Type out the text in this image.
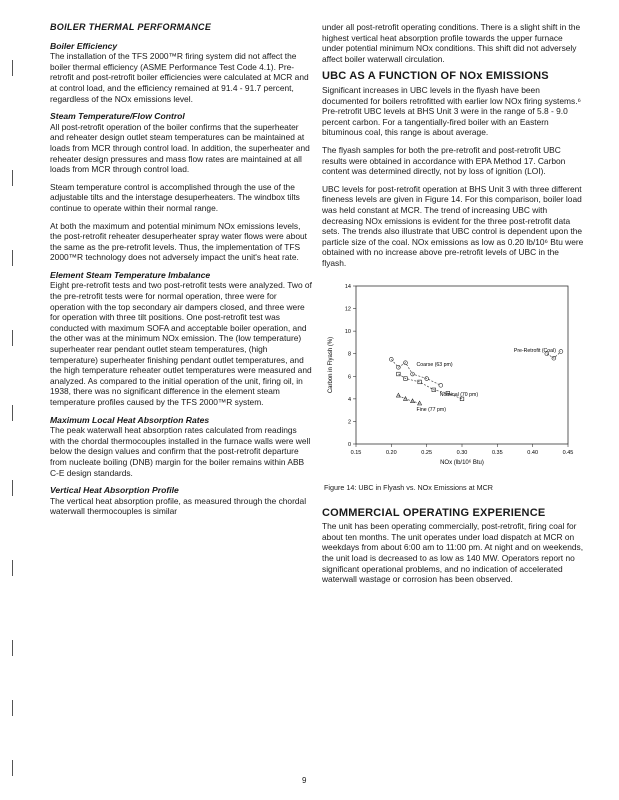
BOILER THERMAL PERFORMANCE
Boiler Efficiency

The installation of the TFS 2000™R firing system did not affect the boiler thermal efficiency (ASME Performance Test Code 4.1). Pre-retrofit and post-retrofit boiler efficiencies were calculated at MCR and at control load, and the efficiency remained at 91.4 - 91.7 percent, regardless of the NOx emissions level.

Steam Temperature/Flow Control

All post-retrofit operation of the boiler confirms that the superheater and reheater design outlet steam temperatures can be maintained at loads from MCR through control load. In addition, the superheater and reheater design pressures and mass flow rates are maintained at all loads from MCR through control load.

Steam temperature control is accomplished through the use of the adjustable tilts and the interstage desuperheaters. The windbox tilts continue to operate within their normal range.

At both the maximum and potential minimum NOx emissions levels, the post-retrofit reheater desuperheater spray water flows were about the same as the pre-retrofit levels. Thus, the implementation of TFS 2000™R technology does not adversely impact the unit's heat rate.

Element Steam Temperature Imbalance

Eight pre-retrofit tests and two post-retrofit tests were analyzed. Two of the pre-retrofit tests were for normal operation, three were for operation with the top secondary air dampers closed, and three were for operation with three tilt positions. One post-retrofit test was conducted with maximum SOFA and acceptable boiler operation, and the other was at the minimum NOx emission. The (low temperature) superheater rear pendant outlet steam temperatures, (high temperature) superheater finishing pendant outlet temperatures, and the high temperature reheater outlet temperatures were measured and analyzed. As compared to the initial operation of the unit, firing oil, in 1938, there was no significant difference in the element steam temperature profiles caused by the TFS 2000™R system.

Maximum Local Heat Absorption Rates

The peak waterwall heat absorption rates calculated from readings with the chordal thermocouples installed in the furnace walls were well below the design values and confirm that the post-retrofit departure from nucleate boiling (DNB) margin for the boiler remains within ABB C-E design standards.

Vertical Heat Absorption Profile

The vertical heat absorption profile, as measured through the chordal waterwall thermocouples is similar

under all post-retrofit operating conditions. There is a slight shift in the highest vertical heat absorption profile towards the upper furnace under potential minimum NOx conditions. This shift did not adversely affect boiler waterwall circulation.

UBC AS A FUNCTION OF NOx EMISSIONS

Significant increases in UBC levels in the flyash have been documented for boilers retrofitted with earlier low NOx firing systems.⁶ Pre-retrofit UBC levels at BHS Unit 3 were in the range of 5.8 - 9.0 percent carbon. For a tangentially-fired boiler with an Eastern bituminous coal, this range is about average.

The flyash samples for both the pre-retrofit and post-retrofit UBC results were obtained in accordance with EPA Method 17. Carbon content was determined directly, not by loss of ignition (LOI).

UBC levels for post-retrofit operation at BHS Unit 3 with three different fineness levels are given in Figure 14. For this comparison, boiler load was held constant at MCR. The trend of increasing UBC with decreasing NOx emissions is evident for the three post-retrofit data sets. The trends also illustrate that UBC control is dependent upon the particle size of the coal. NOx emissions as low as 0.20 lb/10⁶ Btu were obtained with no increase above pre-retrofit levels of UBC in the flyash.

0.15	0.20	0.25	0.30	0.35	0.40	0.45
0
2
4
6
8
10
12
14
NOx (lb/10⁶ Btu)
Carbon in Flyash (%)	Coarse (63 pm)
Nominal (70 pm)
Fine (77 pm)
Pre-Retrofit (Coal)
Figure 14: UBC in Flyash vs. NOx Emissions at MCR
COMMERCIAL OPERATING EXPERIENCE

The unit has been operating commercially, post-retrofit, firing coal for about ten months. The unit operates under load dispatch at MCR on weekdays from about 6:00 am to 11:00 pm. At night and on weekends, the unit load is decreased to as low as 140 MW. Operators report no significant operational problems, and no indication of accelerated waterwall wastage or corrosion has been observed.

9
